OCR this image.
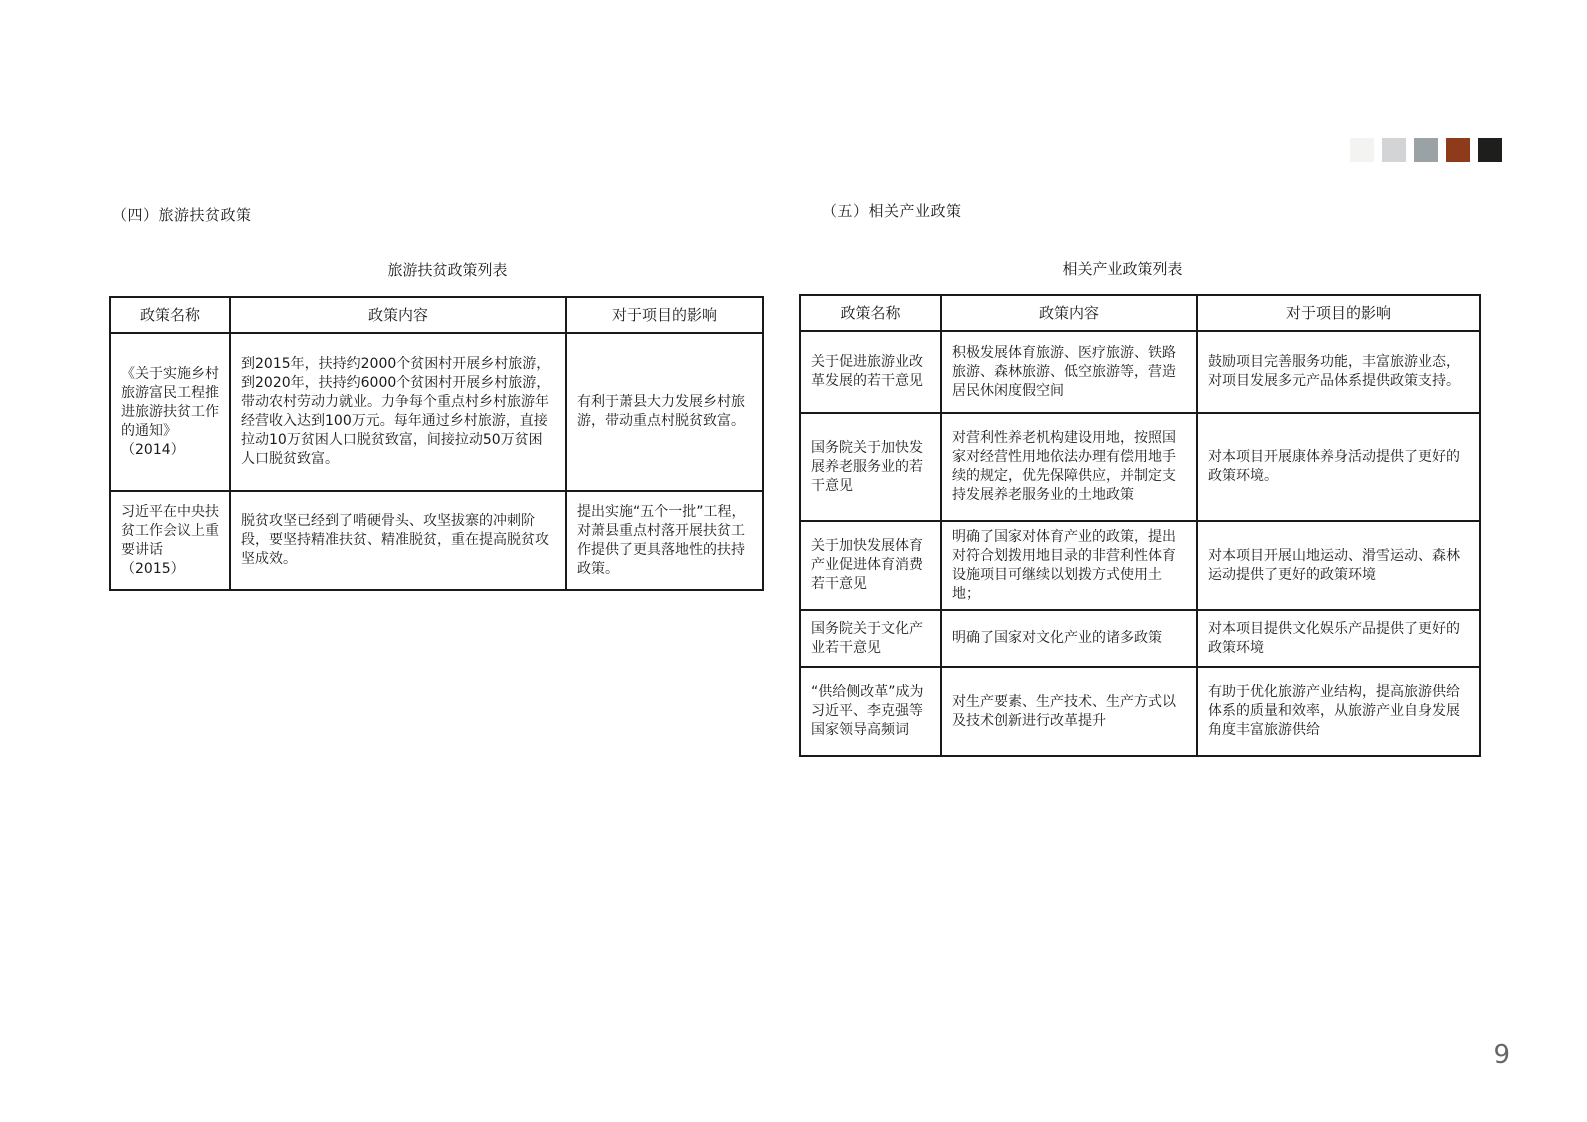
（四）旅游扶贫政策
旅游扶贫政策列表
政策名称	政策内容	对于项目的影响
《关于实施乡村旅游富民工程推进旅游扶贫工作的通知》（2014）	到2015年，扶持约2000个贫困村开展乡村旅游，到2020年，扶持约6000个贫困村开展乡村旅游，带动农村劳动力就业。力争每个重点村乡村旅游年经营收入达到100万元。每年通过乡村旅游，直接拉动10万贫困人口脱贫致富，间接拉动50万贫困人口脱贫致富。	有利于萧县大力发展乡村旅游，带动重点村脱贫致富。
习近平在中央扶贫工作会议上重要讲话（2015）	脱贫攻坚已经到了啃硬骨头、攻坚拔寨的冲刺阶段，要坚持精准扶贫、精准脱贫，重在提高脱贫攻坚成效。	提出实施“五个一批”工程，对萧县重点村落开展扶贫工作提供了更具落地性的扶持政策。
（五）相关产业政策
相关产业政策列表
政策名称	政策内容	对于项目的影响
关于促进旅游业改革发展的若干意见	积极发展体育旅游、医疗旅游、铁路旅游、森林旅游、低空旅游等，营造居民休闲度假空间	鼓励项目完善服务功能，丰富旅游业态，对项目发展多元产品体系提供政策支持。
国务院关于加快发展养老服务业的若干意见	对营利性养老机构建设用地，按照国家对经营性用地依法办理有偿用地手续的规定，优先保障供应，并制定支持发展养老服务业的土地政策	对本项目开展康体养身活动提供了更好的政策环境。
关于加快发展体育产业促进体育消费若干意见	明确了国家对体育产业的政策，提出对符合划拨用地目录的非营利性体育设施项目可继续以划拨方式使用土地；	对本项目开展山地运动、滑雪运动、森林运动提供了更好的政策环境
国务院关于文化产业若干意见	明确了国家对文化产业的诸多政策	对本项目提供文化娱乐产品提供了更好的政策环境
“供给侧改革”成为习近平、李克强等国家领导高频词	对生产要素、生产技术、生产方式以及技术创新进行改革提升	有助于优化旅游产业结构，提高旅游供给体系的质量和效率，从旅游产业自身发展角度丰富旅游供给
9
